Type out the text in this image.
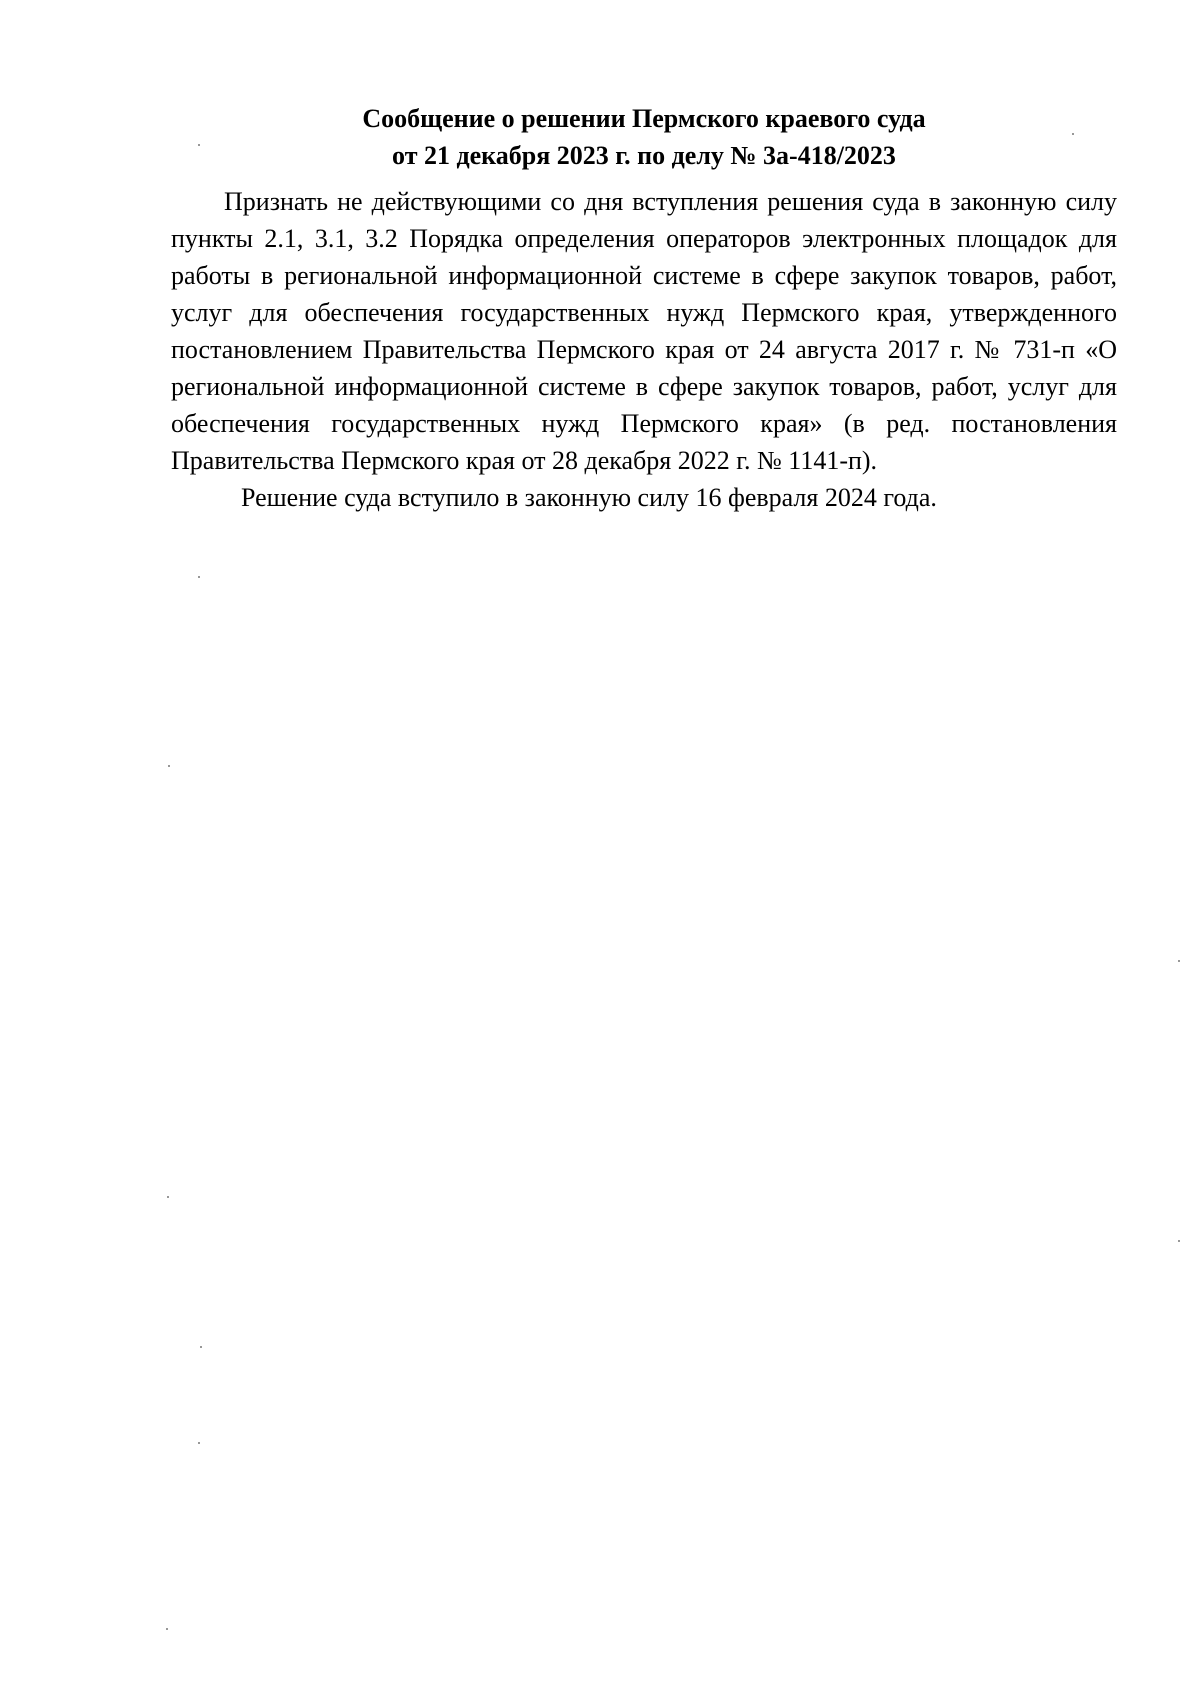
Сообщение о решении Пермского краевого суда
от 21 декабря 2023 г. по делу № 3а-418/2023

Признать не действующими со дня вступления решения суда в законную силу пункты 2.1, 3.1, 3.2 Порядка определения операторов электронных площадок для работы в региональной информационной системе в сфере закупок товаров, работ, услуг для обеспечения государственных нужд Пермского края, утвержденного постановлением Правительства Пермского края от 24 августа 2017 г. № 731-п «О региональной информационной системе в сфере закупок товаров, работ, услуг для обеспечения государственных нужд Пермского края» (в ред. постановления Правительства Пермского края от 28 декабря 2022 г. № 1141-п).

Решение суда вступило в законную силу 16 февраля 2024 года.
